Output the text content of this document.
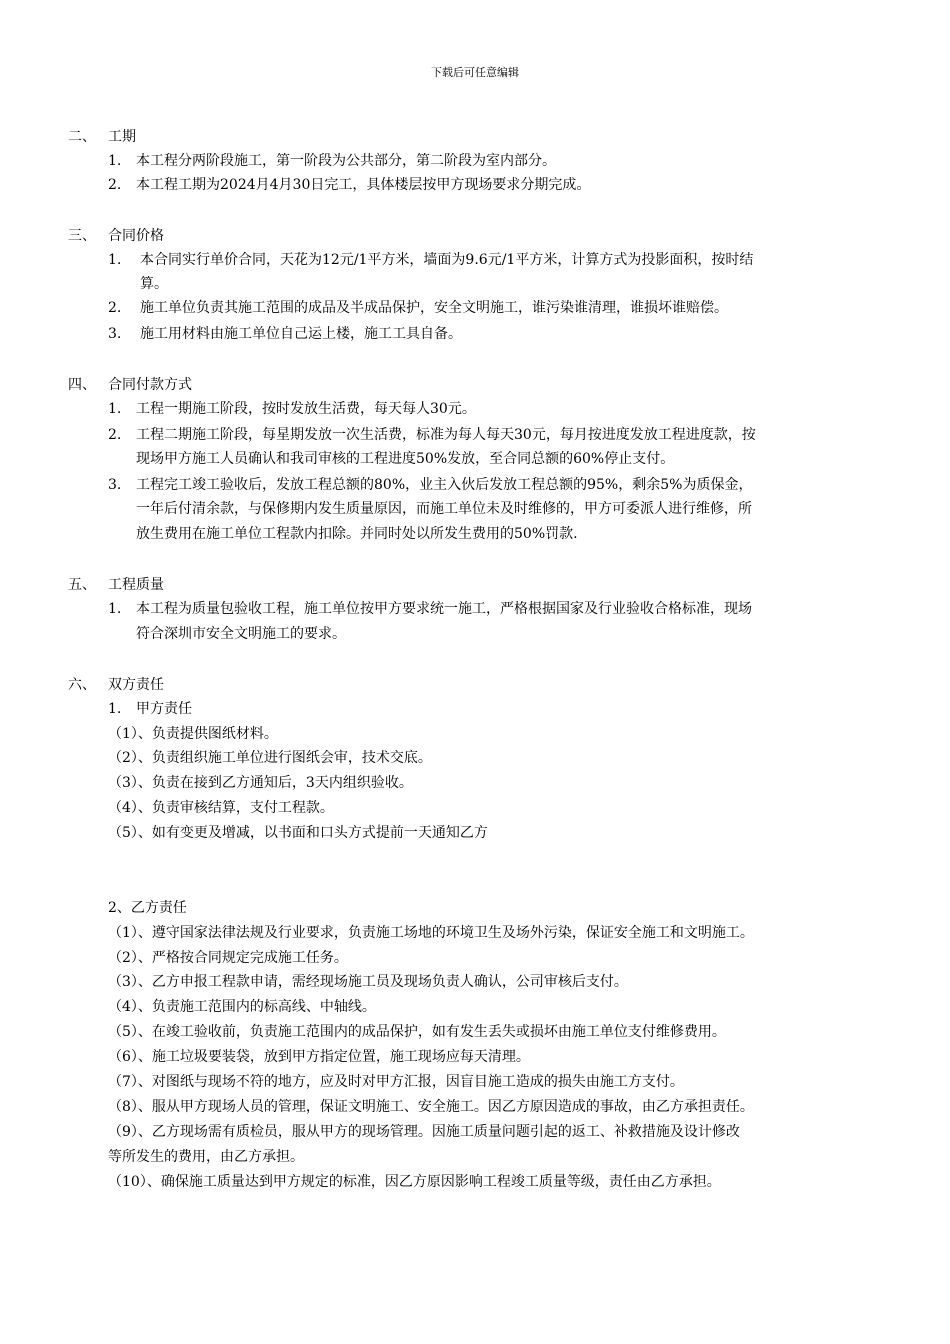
下载后可任意编辑
二、 工期
1. 本工程分两阶段施工，第一阶段为公共部分，第二阶段为室内部分。
2. 本工程工期为2024月4月30日完工，具体楼层按甲方现场要求分期完成。
三、 合同价格
1. 本合同实行单价合同，天花为12元/1平方米，墙面为9.6元/1平方米，计算方式为投影面积，按时结
算。
2. 施工单位负责其施工范围的成品及半成品保护，安全文明施工，谁污染谁清理，谁损坏谁赔偿。
3. 施工用材料由施工单位自己运上楼，施工工具自备。
四、 合同付款方式
1. 工程一期施工阶段，按时发放生活费，每天每人30元。
2. 工程二期施工阶段，每星期发放一次生活费，标准为每人每天30元，每月按进度发放工程进度款，按
现场甲方施工人员确认和我司审核的工程进度50%发放，至合同总额的60%停止支付。
3. 工程完工竣工验收后，发放工程总额的80%，业主入伙后发放工程总额的95%，剩余5%为质保金，
一年后付清余款，与保修期内发生质量原因，而施工单位未及时维修的，甲方可委派人进行维修，所
放生费用在施工单位工程款内扣除。并同时处以所发生费用的50%罚款.
五、 工程质量
1. 本工程为质量包验收工程，施工单位按甲方要求统一施工，严格根据国家及行业验收合格标准，现场
符合深圳市安全文明施工的要求。
六、 双方责任
1. 甲方责任
（1）、负责提供图纸材料。
（2）、负责组织施工单位进行图纸会审，技术交底。
（3）、负责在接到乙方通知后，3天内组织验收。
（4）、负责审核结算，支付工程款。
（5）、如有变更及增减，以书面和口头方式提前一天通知乙方
2、乙方责任
（1）、遵守国家法律法规及行业要求，负责施工场地的环境卫生及场外污染，保证安全施工和文明施工。
（2）、严格按合同规定完成施工任务。
（3）、乙方申报工程款申请，需经现场施工员及现场负责人确认，公司审核后支付。
（4）、负责施工范围内的标高线、中轴线。
（5）、在竣工验收前，负责施工范围内的成品保护，如有发生丢失或损坏由施工单位支付维修费用。
（6）、施工垃圾要装袋，放到甲方指定位置，施工现场应每天清理。
（7）、对图纸与现场不符的地方，应及时对甲方汇报，因盲目施工造成的损失由施工方支付。
（8）、服从甲方现场人员的管理，保证文明施工、安全施工。因乙方原因造成的事故，由乙方承担责任。
（9）、乙方现场需有质检员，服从甲方的现场管理。因施工质量问题引起的返工、补救措施及设计修改
等所发生的费用，由乙方承担。
（10）、确保施工质量达到甲方规定的标准，因乙方原因影响工程竣工质量等级，责任由乙方承担。
